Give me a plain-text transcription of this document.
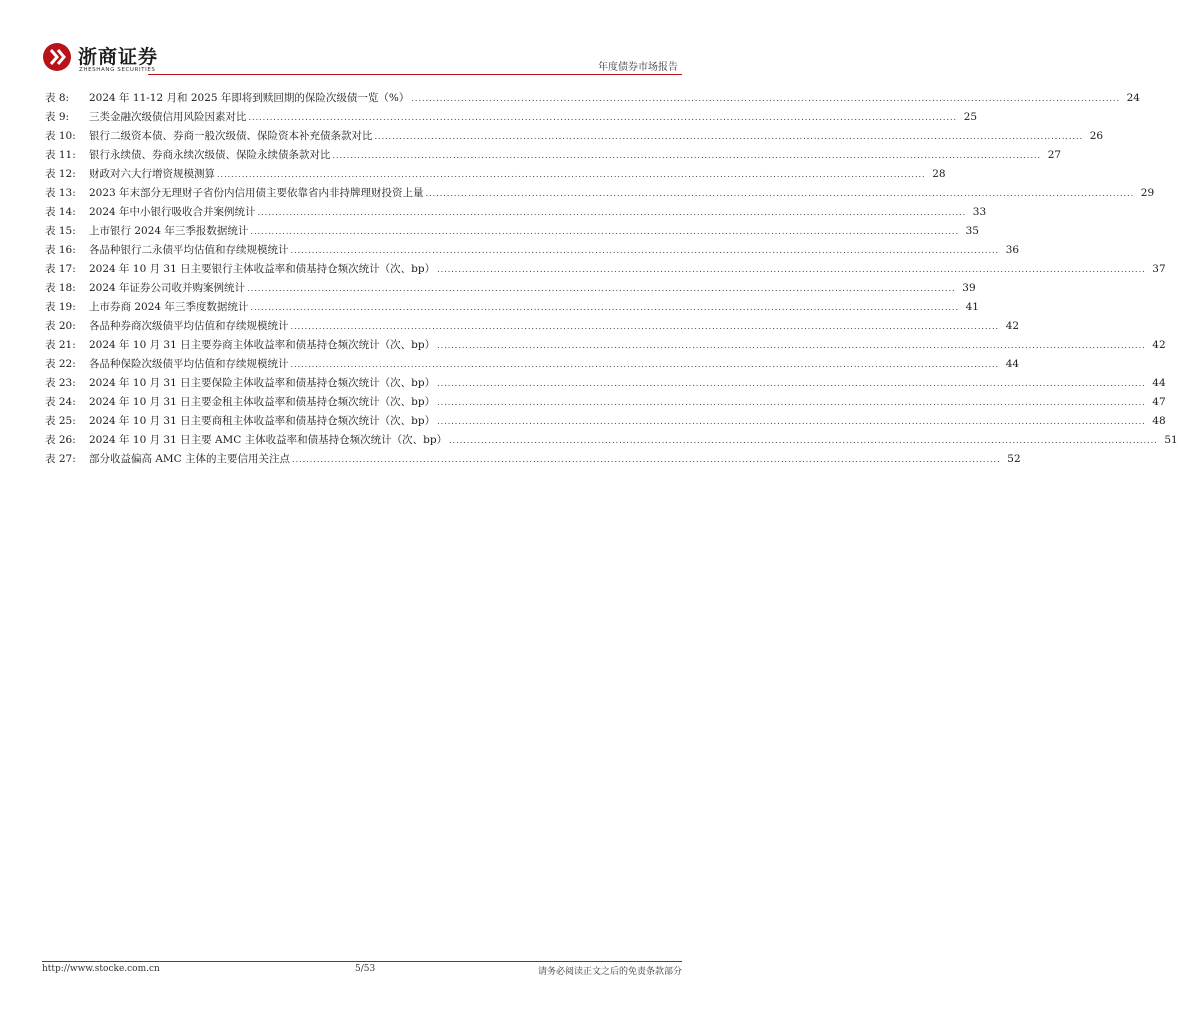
浙商证券
ZHESHANG SECURITIES	年度债券市场报告
表 8:	2024 年 11-12 月和 2025 年即将到赎回期的保险次级债一览（%） ........................................................................................................................................................................................................ 24
表 9:	三类金融次级债信用风险因素对比 ........................................................................................................................................................................................................ 25
表 10:	银行二级资本债、券商一般次级债、保险资本补充债条款对比 ........................................................................................................................................................................................................ 26
表 11:	银行永续债、券商永续次级债、保险永续债条款对比 ........................................................................................................................................................................................................ 27
表 12:	财政对六大行增资规模测算 ........................................................................................................................................................................................................ 28
表 13:	2023 年末部分无理财子省份内信用债主要依靠省内非持牌理财投资上量 ........................................................................................................................................................................................................ 29
表 14:	2024 年中小银行吸收合并案例统计 ........................................................................................................................................................................................................ 33
表 15:	上市银行 2024 年三季报数据统计 ........................................................................................................................................................................................................ 35
表 16:	各品种银行二永债平均估值和存续规模统计 ........................................................................................................................................................................................................ 36
表 17:	2024 年 10 月 31 日主要银行主体收益率和债基持仓频次统计（次、bp） ........................................................................................................................................................................................................ 37
表 18:	2024 年证券公司收并购案例统计 ........................................................................................................................................................................................................ 39
表 19:	上市券商 2024 年三季度数据统计 ........................................................................................................................................................................................................ 41
表 20:	各品种券商次级债平均估值和存续规模统计 ........................................................................................................................................................................................................ 42
表 21:	2024 年 10 月 31 日主要券商主体收益率和债基持仓频次统计（次、bp） ........................................................................................................................................................................................................ 42
表 22:	各品种保险次级债平均估值和存续规模统计 ........................................................................................................................................................................................................ 44
表 23:	2024 年 10 月 31 日主要保险主体收益率和债基持仓频次统计（次、bp） ........................................................................................................................................................................................................ 44
表 24:	2024 年 10 月 31 日主要金租主体收益率和债基持仓频次统计（次、bp） ........................................................................................................................................................................................................ 47
表 25:	2024 年 10 月 31 日主要商租主体收益率和债基持仓频次统计（次、bp） ........................................................................................................................................................................................................ 48
表 26:	2024 年 10 月 31 日主要 AMC 主体收益率和债基持仓频次统计（次、bp） ........................................................................................................................................................................................................ 51
表 27:	部分收益偏高 AMC 主体的主要信用关注点 ........................................................................................................................................................................................................ 52
http://www.stocke.com.cn	5/53	请务必阅读正文之后的免责条款部分
